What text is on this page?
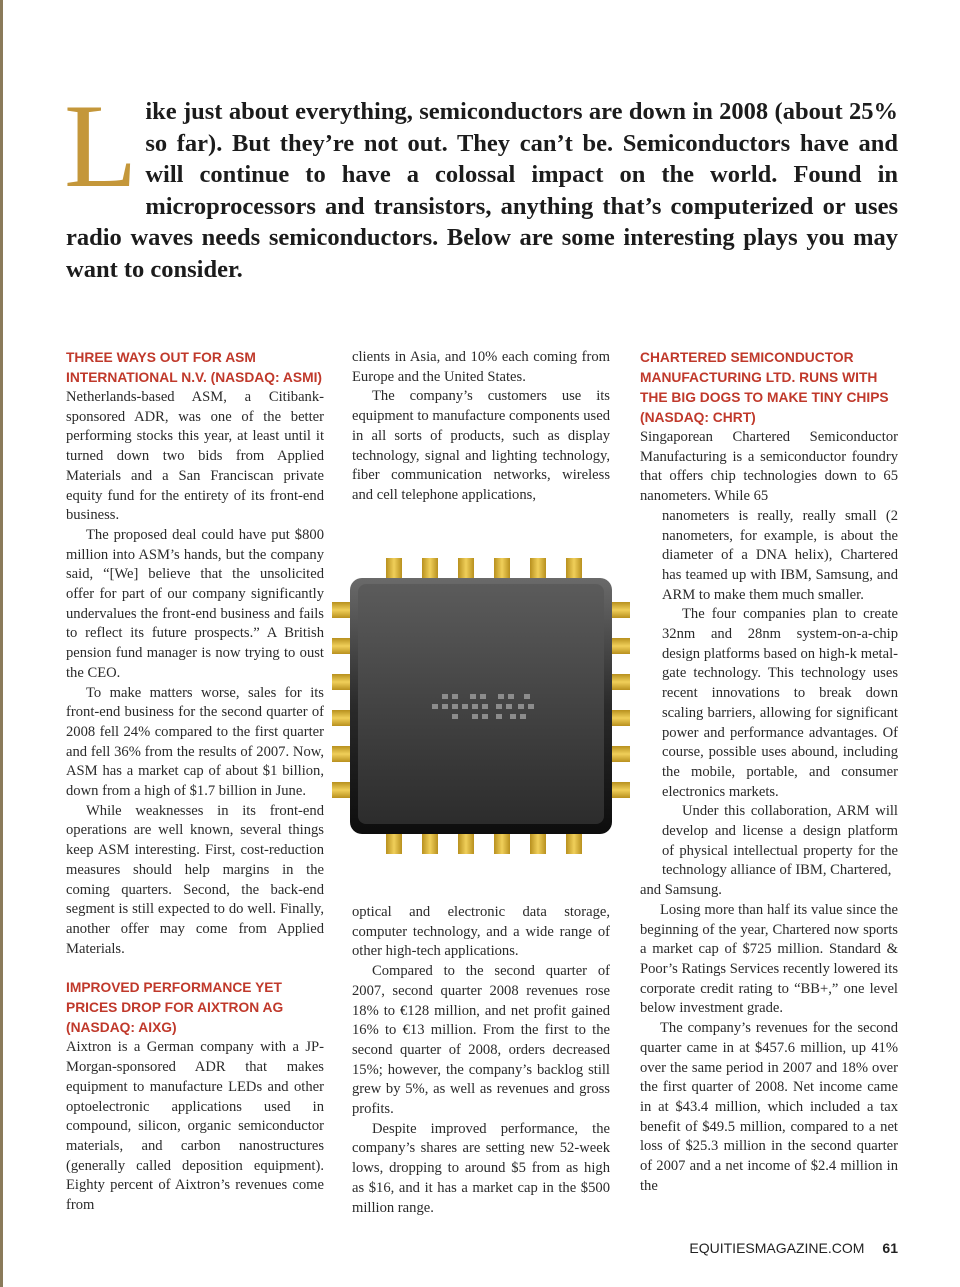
L ike just about everything, semiconductors are down in 2008 (about 25% so far). But they’re not out. They can’t be. Semiconductors have and will continue to have a colossal impact on the world. Found in microprocessors and transistors, anything that’s computerized or uses radio waves needs semiconductors. Below are some interesting plays you may want to consider.

THREE WAYS OUT FOR ASM INTERNATIONAL N.V. (NASDAQ: ASMI)

Netherlands-based ASM, a Citibank-sponsored ADR, was one of the better performing stocks this year, at least until it turned down two bids from Applied Materials and a San Franciscan private equity fund for the entirety of its front-end business.

The proposed deal could have put $800 million into ASM’s hands, but the company said, “[We] believe that the unsolicited offer for part of our company significantly undervalues the front-end business and fails to reflect its future prospects.” A British pension fund manager is now trying to oust the CEO.

To make matters worse, sales for its front-end business for the second quarter of 2008 fell 24% compared to the first quarter and fell 36% from the results of 2007. Now, ASM has a market cap of about $1 billion, down from a high of $1.7 billion in June.

While weaknesses in its front-end operations are well known, several things keep ASM interesting. First, cost-reduction measures should help margins in the coming quarters. Second, the back-end segment is still expected to do well. Finally, another offer may come from Applied Materials.

IMPROVED PERFORMANCE YET PRICES DROP FOR AIXTRON AG (NASDAQ: AIXG)

Aixtron is a German company with a JP-Morgan-sponsored ADR that makes equipment to manufacture LEDs and other optoelectronic applications used in compound, silicon, organic semiconductor materials, and carbon nanostructures (generally called deposition equipment). Eighty percent of Aixtron’s revenues come from

clients in Asia, and 10% each coming from Europe and the United States.

The company’s customers use its equipment to manufacture components used in all sorts of products, such as display technology, signal and lighting technology, fiber communication networks, wireless and cell telephone applications,

optical and electronic data storage, computer technology, and a wide range of other high-tech applications.

Compared to the second quarter of 2007, second quarter 2008 revenues rose 18% to €128 million, and net profit gained 16% to €13 million. From the first to the second quarter of 2008, orders decreased 15%; however, the company’s backlog still grew by 5%, as well as revenues and gross profits.

Despite improved performance, the company’s shares are setting new 52-week lows, dropping to around $5 from as high as $16, and it has a market cap in the $500 million range.

CHARTERED SEMICONDUCTOR MANUFACTURING LTD. RUNS WITH THE BIG DOGS TO MAKE TINY CHIPS (NASDAQ: CHRT)

Singaporean Chartered Semiconductor Manufacturing is a semiconductor foundry that offers chip technologies down to 65 nanometers. While 65

nanometers is really, really small (2 nanometers, for example, is about the diameter of a DNA helix), Chartered has teamed up with IBM, Samsung, and ARM to make them much smaller.

The four companies plan to create 32nm and 28nm system-on-a-chip design platforms based on high-k metal-gate technology. This technology uses recent innovations to break down scaling barriers, allowing for significant power and performance advantages. Of course, possible uses abound, including the mobile, portable, and consumer electronics markets.

Under this collaboration, ARM will develop and license a design platform of physical intellectual property for the technology alliance of IBM, Chartered,

and Samsung.

Losing more than half its value since the beginning of the year, Chartered now sports a market cap of $725 million. Standard & Poor’s Ratings Services recently lowered its corporate credit rating to “BB+,” one level below investment grade.

The company’s revenues for the second quarter came in at $457.6 million, up 41% over the same period in 2007 and 18% over the first quarter of 2008. Net income came in at $43.4 million, which included a tax benefit of $49.5 million, compared to a net loss of $25.3 million in the second quarter of 2007 and a net income of $2.4 million in the

EQUITIESMAGAZINE.COM 61
